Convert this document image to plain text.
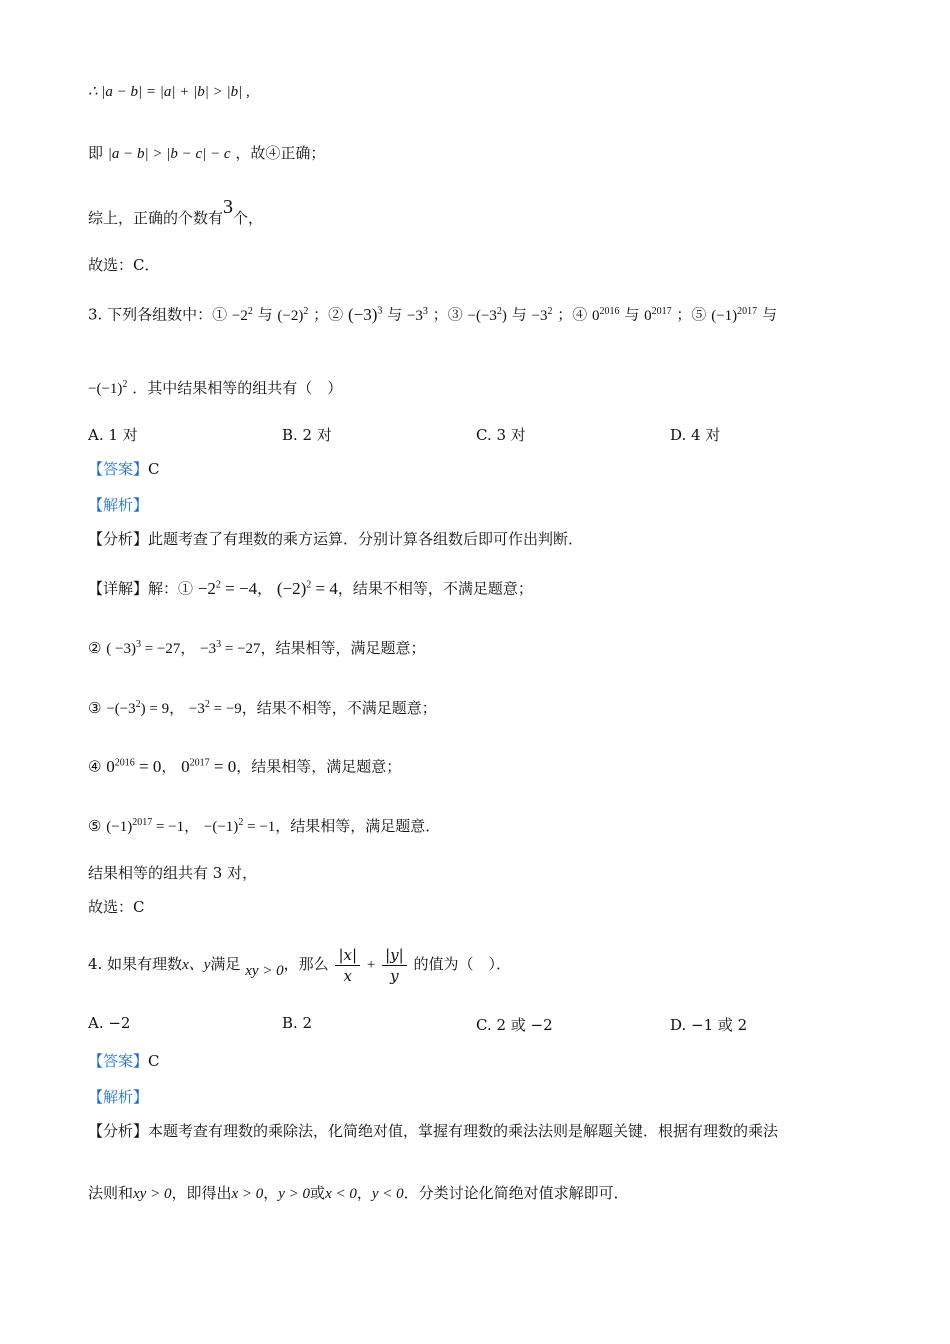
∴ |a − b| = |a| + |b| > |b| ,
即 |a − b| > |b − c| − c ，故④正确；
综上，正确的个数有3个，
故选：C．
3. 下列各组数中：① $-2^2$ 与 $(-2)^2$ ；② $(-3)^3$ 与 $-3^3$ ；③ $-(-3^2)$ 与 $-3^2$ ；④ $0^{2016}$ 与 $0^{2017}$ ；⑤ $(-1)^{2017}$ 与
$-(-1)^2$ ．其中结果相等的组共有（　）
A. 1 对	B. 2 对	C. 3 对	D. 4 对
【答案】C
【解析】
【分析】此题考查了有理数的乘方运算．分别计算各组数后即可作出判断．
【详解】解：① $-2^2 = -4$， $(-2)^2 = 4$，结果不相等，不满足题意；
② ( −3)$^3$ = −27， $-3^3 = -27$，结果相等，满足题意；
③ $-(-3^2) = 9$， $-3^2 = -9$，结果不相等，不满足题意；
④ $0^{2016} = 0$， $0^{2017} = 0$，结果相等，满足题意；
⑤ $(-1)^{2017} = -1$， $-(-1)^2 = -1$，结果相等，满足题意．
结果相等的组共有 3 对，
故选：C
4. 如果有理数x、y满足 xy > 0，那么 $\frac{|x|}{x} + \frac{|y|}{y}$ 的值为（　）．
A. −2	B. 2	C. 2 或 −2	D. −1 或 2
【答案】C
【解析】
【分析】本题考查有理数的乘除法，化简绝对值，掌握有理数的乘法法则是解题关键．根据有理数的乘法
法则和xy > 0，即得出x > 0，y > 0或x < 0，y < 0．分类讨论化简绝对值求解即可．
